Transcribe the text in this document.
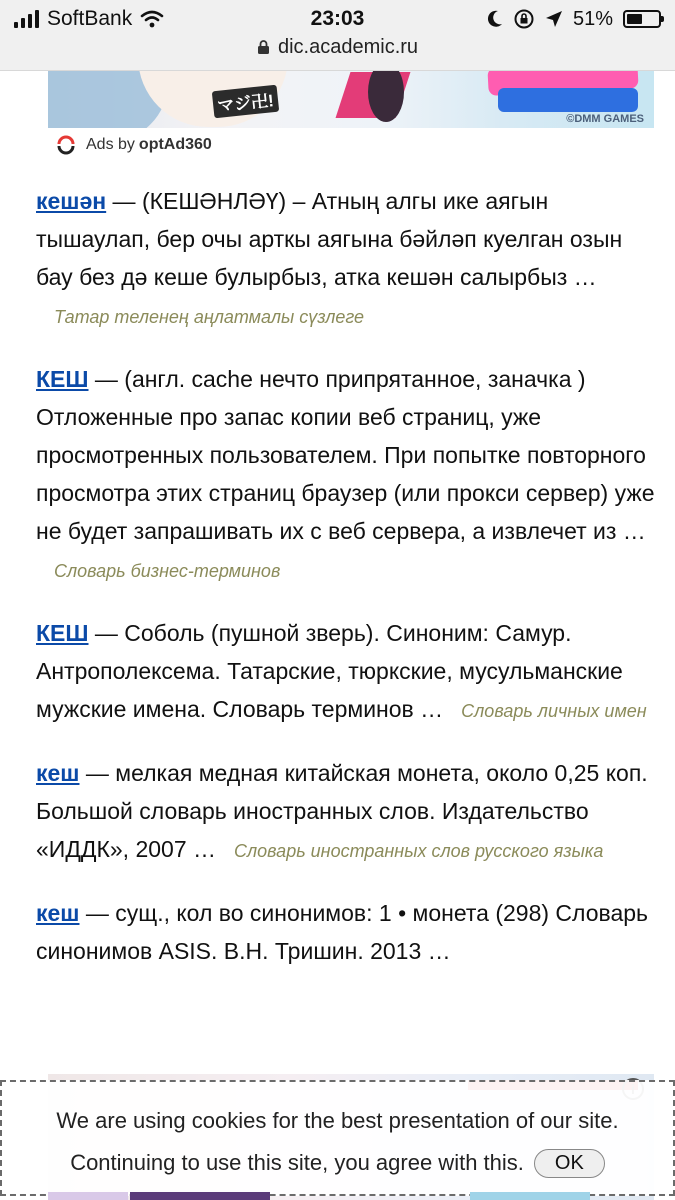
SoftBank	23:03	51%
dic.academic.ru
マジ卍!
©DMM GAMES
Ads by optAd360
кешән — (КЕШӘНЛӘҮ) – Атның алгы ике аягын тышаулап, бер очы арткы аягына бәйләп куелган озын бау без дә кеше булырбыз, атка кешән салырбыз …Татар теленең аңлатмалы сүзлеге
КЕШ — (англ. cache нечто припрятанное, заначка ) Отложенные про запас копии веб страниц, уже просмотренных пользователем. При попытке повторного просмотра этих страниц браузер (или прокси сервер) уже не будет запрашивать их с веб сервера, а извлечет из …Словарь бизнес-терминов
КЕШ — Соболь (пушной зверь). Синоним: Самур. Антрополексема. Татарские, тюркские, мусульманские мужские имена. Словарь терминов … Словарь личных имен
кеш — мелкая медная китайская монета, около 0,25 коп. Большой словарь иностранных слов. Издательство «ИДДК», 2007 … Словарь иностранных слов русского языка
кеш — сущ., кол во синонимов: 1 • монета (298) Словарь синонимов ASIS. В.Н. Тришин. 2013 …
We are using cookies for the best presentation of our site.
Continuing to use this site, you agree with this. OK
